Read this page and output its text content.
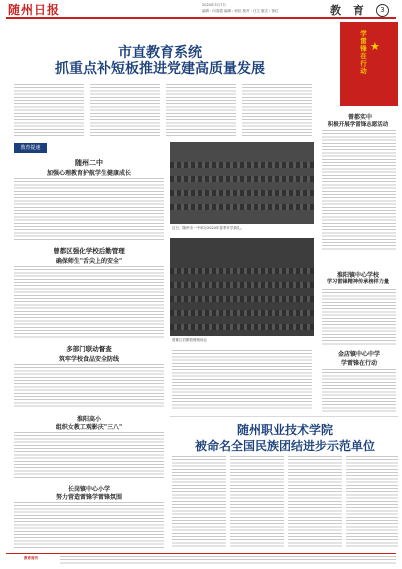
随州日报	2024年3月7日
编辑 : 向春霞 编辑 : 何佳 校对 : 汪文 版式 : 徐红	教 育	3
市直教育系统
抓重点补短板推进党建高质量发展
教育提速
学雷锋在行动 ★
曾都实中
积极开展学雷锋志愿活动
淮阳镇中心学校
学习雷锋精神传承榜样力量
金店镇中心中学
学雷锋在行动
随州二中
加强心理教育护航学生健康成长
曾都区强化学校后勤管理
确保师生"舌尖上的安全"
多部门联动督查
筑牢学校食品安全防线
淮阳高小
组织女教工观影庆"三八"
长岗镇中心小学
努力营造雷锋学雷锋氛围
近日，随州市一中举办2024年春季开学典礼。
曾都区后勤管理现场会
随州职业技术学院
被命名全国民族团结进步示范单位
教育周刊
